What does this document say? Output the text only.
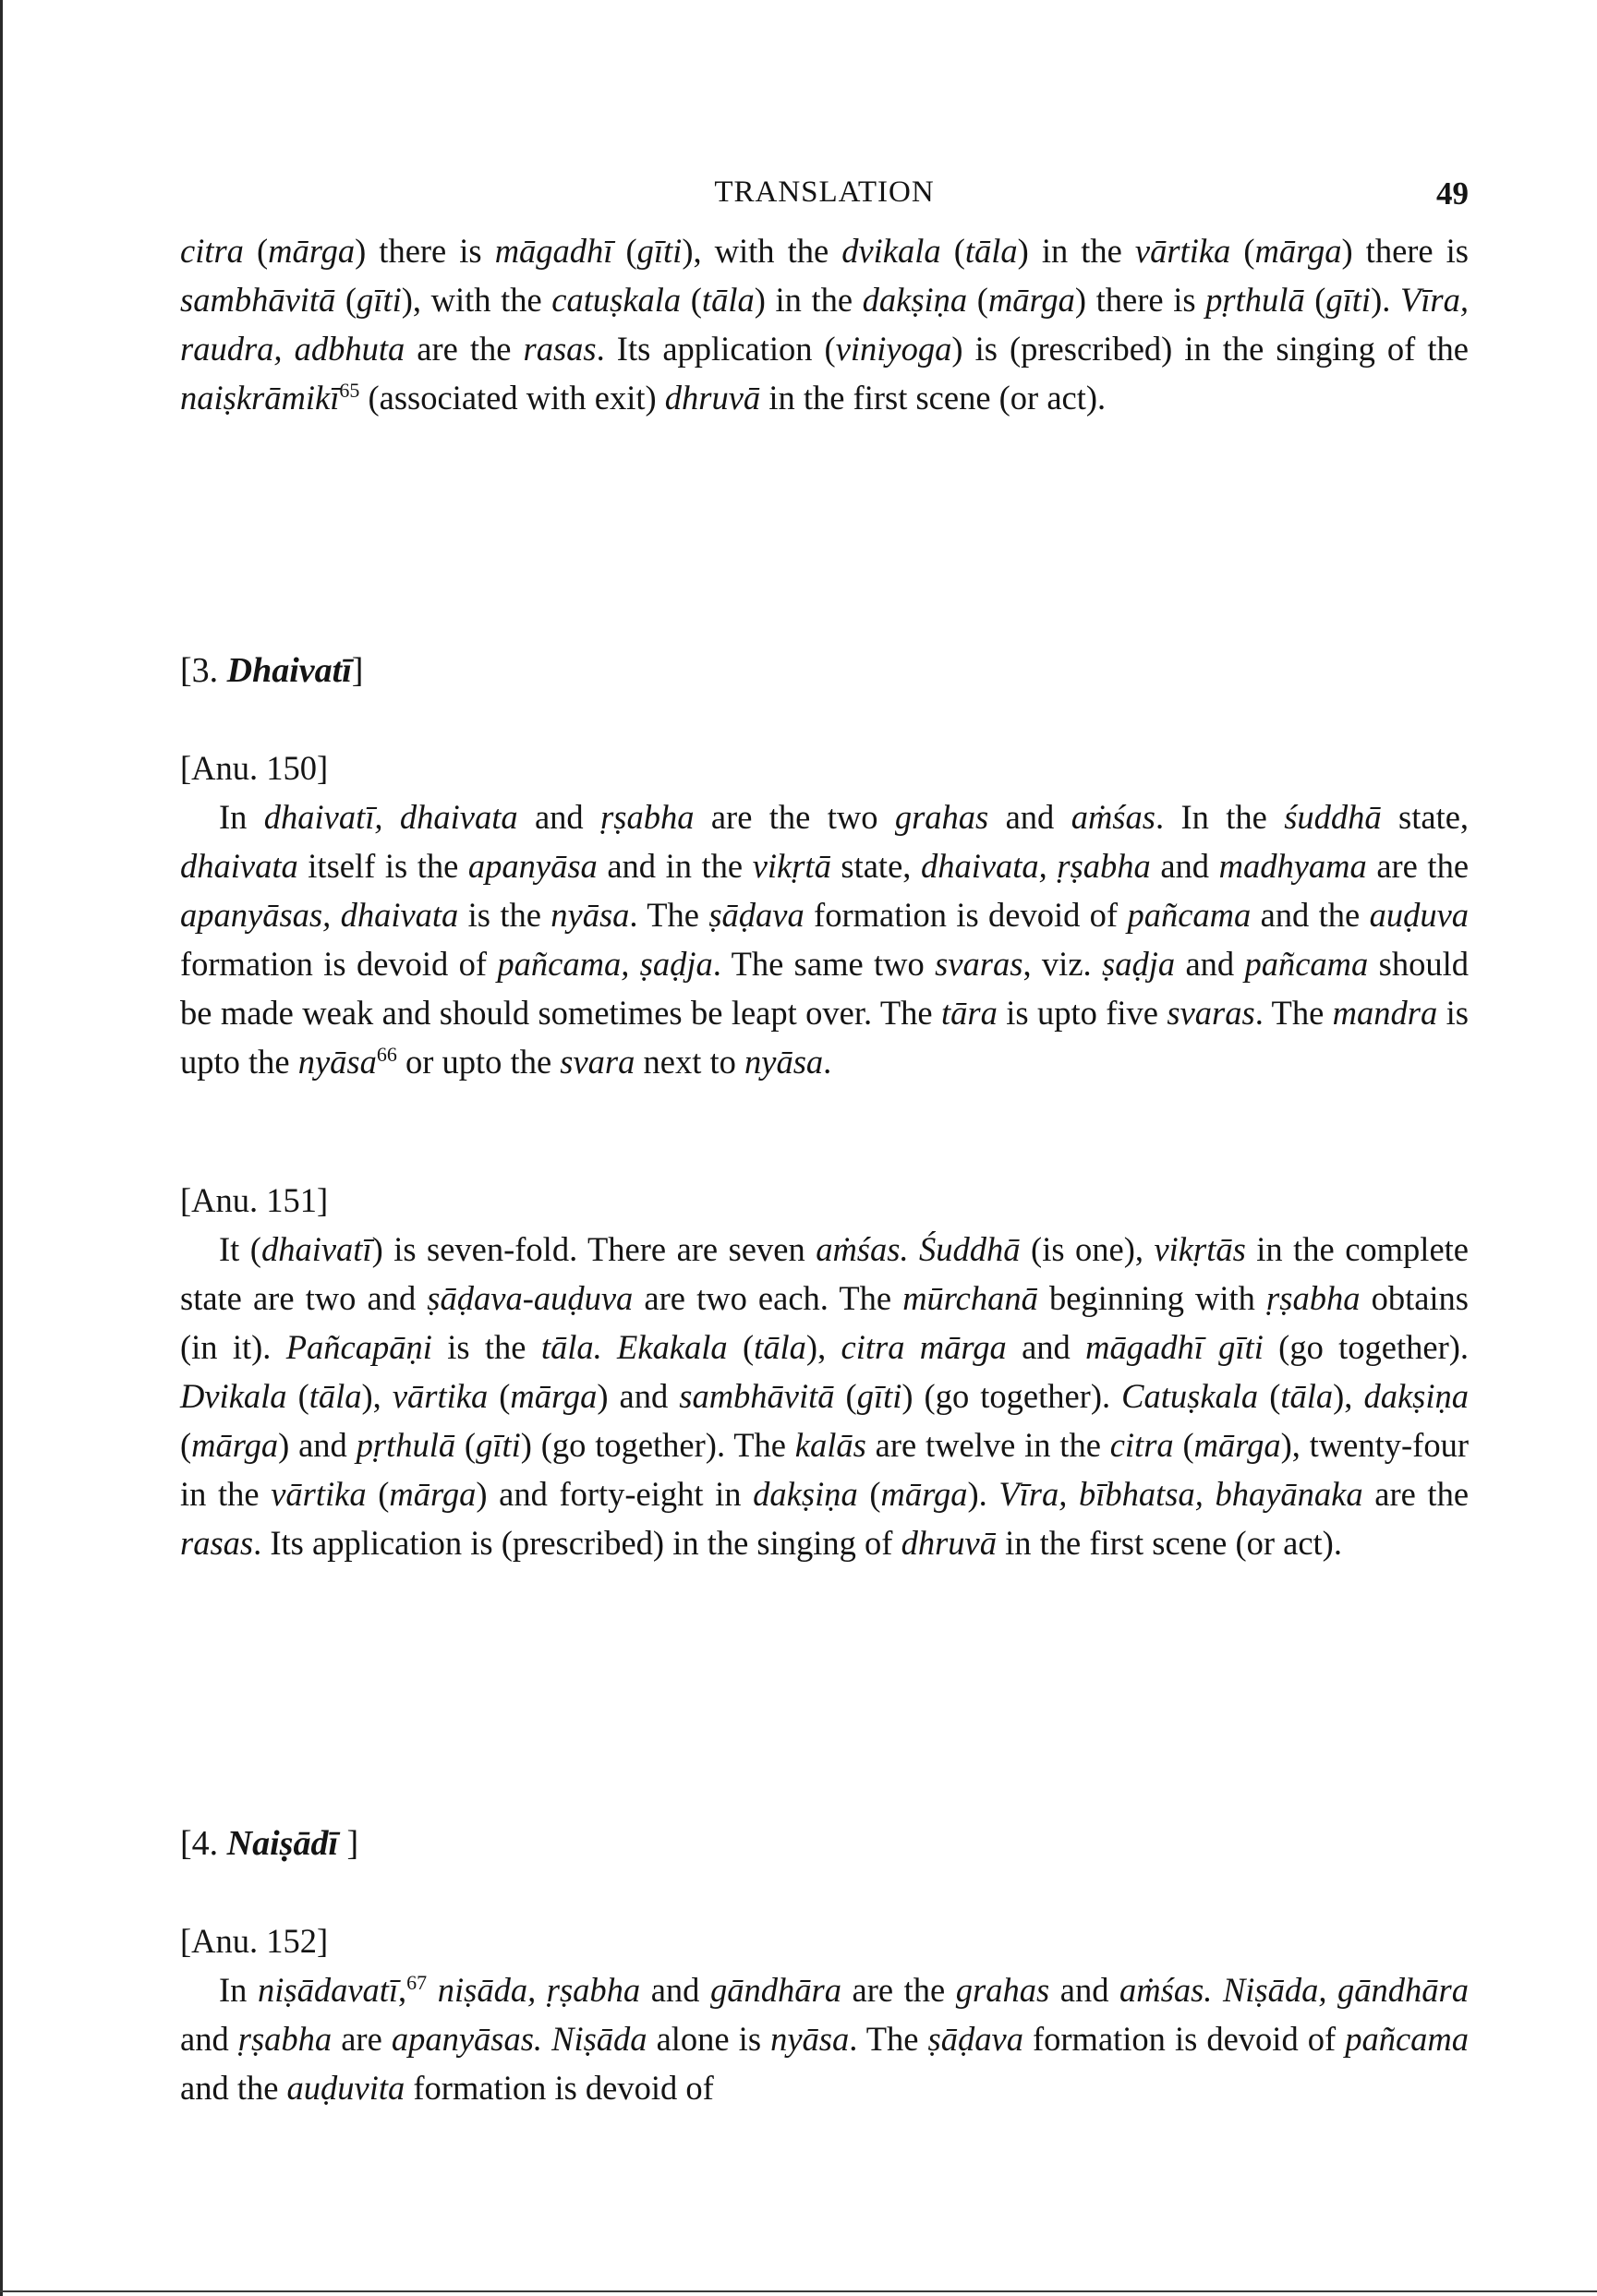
TRANSLATION	49

citra (mārga) there is māgadhī (gīti), with the dvikala (tāla) in the vārtika (mārga) there is sambhāvitā (gīti), with the catuṣkala (tāla) in the dakṣiṇa (mārga) there is pṛthulā (gīti). Vīra, raudra, adbhuta are the rasas. Its application (viniyoga) is (prescribed) in the singing of the naiṣkrāmikī$^{65}$ (associated with exit) dhruvā in the first scene (or act).

[3. Dhaivatī]
[Anu. 150]

In dhaivatī, dhaivata and ṛṣabha are the two grahas and aṁśas. In the śuddhā state, dhaivata itself is the apanyāsa and in the vikṛtā state, dhaivata, ṛṣabha and madhyama are the apanyāsas, dhaivata is the nyāsa. The ṣāḍava formation is devoid of pañcama and the auḍuva formation is devoid of pañcama, ṣaḍja. The same two svaras, viz. ṣaḍja and pañcama should be made weak and should sometimes be leapt over. The tāra is upto five svaras. The mandra is upto the nyāsa$^{66}$ or upto the svara next to nyāsa.

[Anu. 151]

It (dhaivatī) is seven-fold. There are seven aṁśas. Śuddhā (is one), vikṛtās in the complete state are two and ṣāḍava-auḍuva are two each. The mūrchanā beginning with ṛṣabha obtains (in it). Pañcapāṇi is the tāla. Ekakala (tāla), citra mārga and māgadhī gīti (go together). Dvikala (tāla), vārtika (mārga) and sambhāvitā (gīti) (go together). Catuṣkala (tāla), dakṣiṇa (mārga) and pṛthulā (gīti) (go together). The kalās are twelve in the citra (mārga), twenty-four in the vārtika (mārga) and forty-eight in dakṣiṇa (mārga). Vīra, bībhatsa, bhayānaka are the rasas. Its application is (prescribed) in the singing of dhruvā in the first scene (or act).

[4. Naiṣādī ]
[Anu. 152]

In niṣādavatī,$^{67}$ niṣāda, ṛṣabha and gāndhāra are the grahas and aṁśas. Niṣāda, gāndhāra and ṛṣabha are apanyāsas. Niṣāda alone is nyāsa. The ṣāḍava formation is devoid of pañcama and the auḍuvita formation is devoid of
